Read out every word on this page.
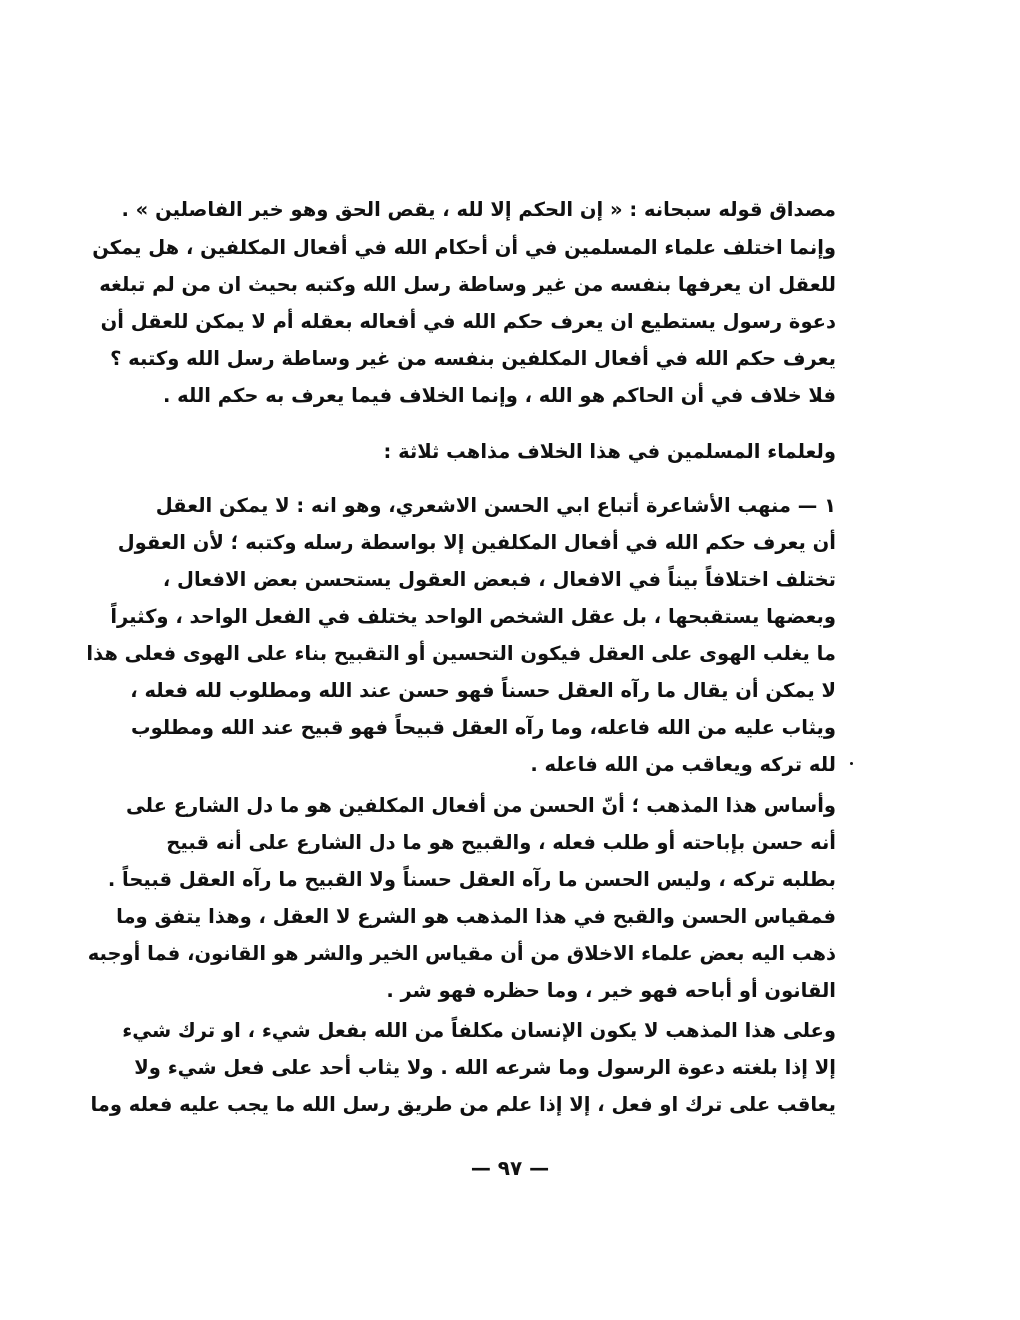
مصداق قوله سبحانه : « إن الحكم إلا لله ، يقص الحق وهو خير الفاصلين » .
وإنما اختلف علماء المسلمين في أن أحكام الله في أفعال المكلفين ، هل يمكن
للعقل ان يعرفها بنفسه من غير وساطة رسل الله وكتبه بحيث ان من لم تبلغه
دعوة رسول يستطيع ان يعرف حكم الله في أفعاله بعقله أم لا يمكن للعقل أن
يعرف حكم الله في أفعال المكلفين بنفسه من غير وساطة رسل الله وكتبه ؟
فلا خلاف في أن الحاكم هو الله ، وإنما الخلاف فيما يعرف به حكم الله .
ولعلماء المسلمين في هذا الخلاف مذاهب ثلاثة :
١ — منهب الأشاعرة أتباع ابي الحسن الاشعري، وهو انه : لا يمكن العقل
أن يعرف حكم الله في أفعال المكلفين إلا بواسطة رسله وكتبه ؛ لأن العقول
تختلف اختلافاً بيناً في الافعال ، فبعض العقول يستحسن بعض الافعال ،
وبعضها يستقبحها ، بل عقل الشخص الواحد يختلف في الفعل الواحد ، وكثيراً
ما يغلب الهوى على العقل فيكون التحسين أو التقبيح بناء على الهوى فعلى هذا
لا يمكن أن يقال ما رآه العقل حسناً فهو حسن عند الله ومطلوب لله فعله ،
ويثاب عليه من الله فاعله، وما رآه العقل قبيحاً فهو قبيح عند الله ومطلوب
لله تركه ويعاقب من الله فاعله .
وأساس هذا المذهب ؛ أنّ الحسن من أفعال المكلفين هو ما دل الشارع على
أنه حسن بإباحته أو طلب فعله ، والقبيح هو ما دل الشارع على أنه قبيح
بطلبه تركه ، وليس الحسن ما رآه العقل حسناً ولا القبيح ما رآه العقل قبيحاً .
فمقياس الحسن والقبح في هذا المذهب هو الشرع لا العقل ، وهذا يتفق وما
ذهب اليه بعض علماء الاخلاق من أن مقياس الخير والشر هو القانون، فما أوجبه
القانون أو أباحه فهو خير ، وما حظره فهو شر .
وعلى هذا المذهب لا يكون الإنسان مكلفاً من الله بفعل شيء ، او ترك شيء
إلا إذا بلغته دعوة الرسول وما شرعه الله . ولا يثاب أحد على فعل شيء ولا
يعاقب على ترك او فعل ، إلا إذا علم من طريق رسل الله ما يجب عليه فعله وما
— ٩٧ —
